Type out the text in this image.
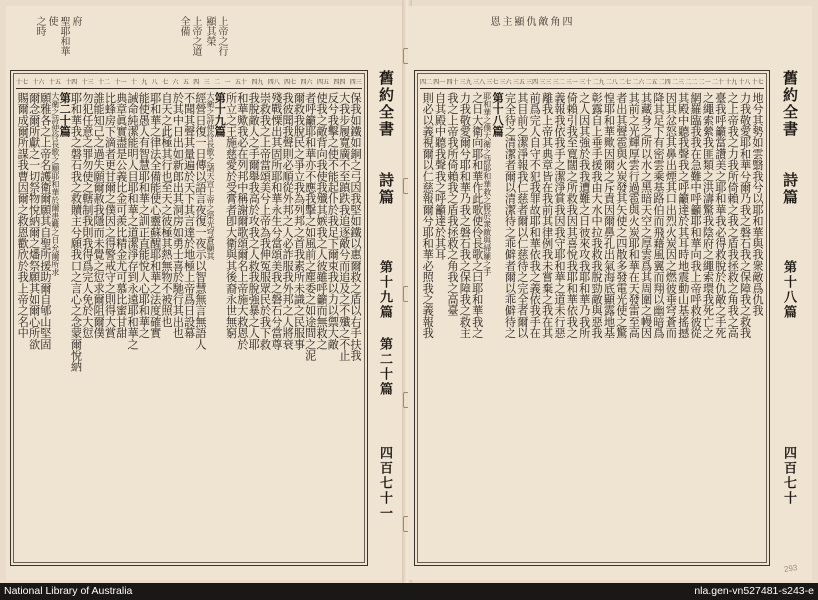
府
聖耶和華
使
之時	上帝之行
顯其榮
上帝之道
全備
舊約全書
詩篇
第十九篇 第二十篇
四百七十一
十七 十六 十五 十四 十三 十二 十一 十 九 八 七 六 五 四 三 二 一 五十 四九 四八 四七 四六 四五 四四 四三
保我如鐵如銅之弓因我堅如鐵以惠爾救之盾以右手扶我
大我步履寬廣不至蹎跌我追逐敵兮而追及之不殲之不止
反兮我擊之使不能起仆於我足下爾束我以力以禦大敵
使我之敵背向我使我殲其嫉我之人彼雖呼籲而無救之
者呼籲耶和華亦不應我擊之如風前之塵委之如途間之泥
爾救我脫民之爭立我為列邦之首我素所未識之民服事
我彼聞我聲則必順從外邦之人必詐服我外邦之人將衰
殘戰慄出其固所耶和華永生兮當頌美我之磐石兮當尊
崇救我之上帝當頌美兮上帝為我伸冤服眾民於我下救
我脫敵人之手爾舉我高於攻我之人救我脫強暴之人耶
和華歟我必在列邦中稱謝爾歌頌爾名上帝施大救恩於
所立之王施慈愛於受膏者卽大衛與其後裔永世無窮
第十九篇
大衛之詩使伶長歌之諸天宣上帝之榮光穹蒼顯其
經營日復一日傳以語言夜復一夜示以智慧無言無語人
不聞其聲其量遍於天下其言達於地極上帝爲日設幕
於其中日出如新郎出其洞房如勇士喜於馳行其出也
自天之此極其行也至天之彼極其熱無物不被照也
耶和華之律法全備能使心靈蘇醒耶和華之法度確實
能使愚人有智慧耶和華之訓正直能悅人心耶和華之
誡命純潔能明人目耶和華之道潔淨存到永遠耶和華之
典章眞實盡是公義比金可羨比精金尤可慕比蜜甘甜
比蜂房下滴者更甘爾之僕因之得警戒守之則得大賞
誰能知己之過失願爾赦我隱而未覺之愆求爾阻爾僕
勿犯任意之罪勿使之轄制我則我得爲完人免於大愆
耶和華我之磐石我之救贖主兮願我口之言心之念蒙爾悅納
第二十篇
大衛之詩使伶長歌之願耶和華於爾患難之日允爾所求
願雅各之上帝名護衛爾願其自聖所援助爾自郇山堅固
爾念爾所獻之一切祭物悅納爾之燔祭願其如爾心所欲
賜爾成爾所謀我曹因爾之救恩歡欣於我上帝之名中
四
角
敵
仇
顯
主
恩
四二 四一 四十 三九 三八 三七 三六 三五 三四 三三 三二 三一 三十 二九 二八 二七 二六 二五 二四 二三 二二 二一 二十 十九 十八 十七
地兮其勢如雲翳我兮以耶和華與我衆敵爲仇我
力我敬愛耶和華兮爾乃我之磐石我之保障我之救我
之上帝我之力我所倚賴之我之盾我拯救之角我之高
臺我呼籲當讚美之耶和華我必得救脫於仇敵之手死
之繩索縈我匪類之洪濤驚我陰府之繩索環我死亡之
網羅臨我我在急難中呼籲耶和華向我上帝呼救彼從
其殿中聽我聲我之呼籲達於其耳時地震動山基搖撼
因其忿怒其鼻出煙其口出烈火炭因之燃彼垂穹蒼而
降其足下有密雲乘基路伯而飛藉風翼而翔以幽暗爲
其藏身之所以水之黑暗天空之厚雲爲其周圍之幔因
其前之光輝厚雲行過雹與火炭耶和華在天發雷至高
者出其聲雹與火炭發其矢使之四散多發電光使之驚
惶耶和華歟因爾之斥責因爾鼻孔出氣海底顯露地基
彰露自上垂手援我由大水中拉我救我脫勁敵與惡我
之人因其強於我我遭難之日彼來攻我耶和華乃我所
倚賴引我至寬闊之所救我因其喜悅我耶和華依我之
義報我依我手之潔淨賞我因我守耶和華之道未行惡
離我上帝其典章皆在我前其律例我未嘗棄之我在其
前爲完人自守不犯我罪故耶和華依我之義依我手在
其目前之潔淨報我仁慈者爾以仁慈待之完全者爾以
完全待之清潔者爾以清潔待之乖僻者爾以乖僻待之
第十八篇
耶和華之僕大衛之詩耶和華救之脫於衆敵與掃羅之手
之日大衛向耶和華作此歌使伶長歌之曰耶和華我之
力我敬愛爾兮耶和華乃我之磐石我之保障我之救主
我之上帝我所倚賴我之盾我拯救之角我之高臺
自其殿中聽我聲我之呼籲達於其耳
則必以義視爾以仁慈報爾兮耶和華必照我之義報我	舊約全書
詩篇
第十八篇
四百七十
293
National Library of Australia	nla.gen-vn527481-s243-e
